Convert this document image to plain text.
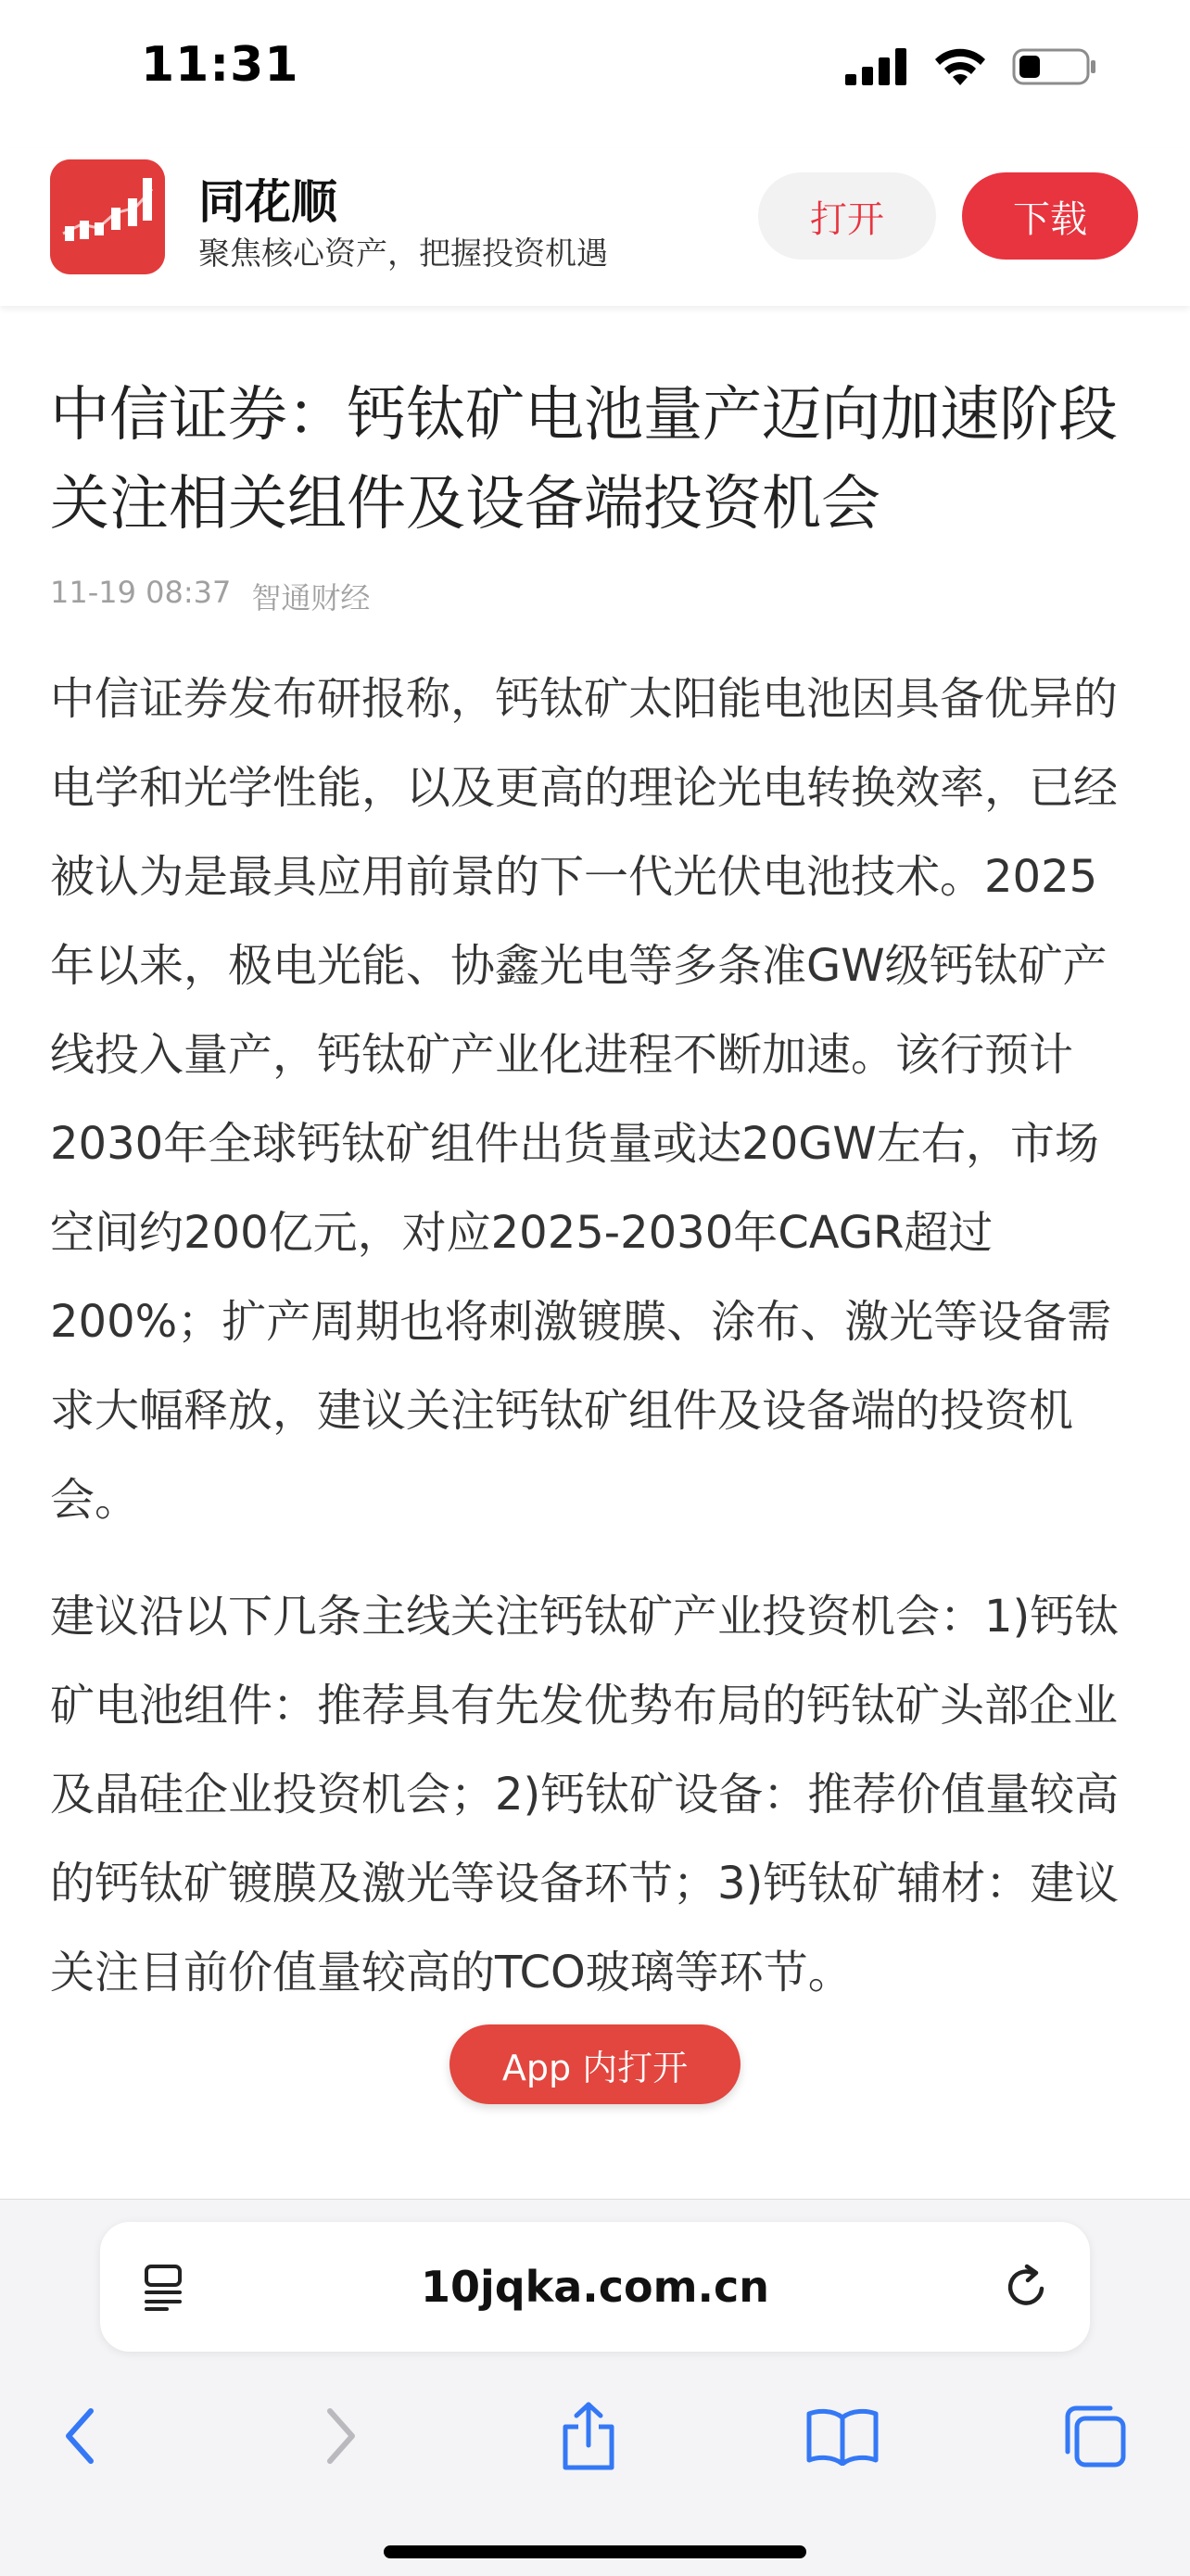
11:31
同花顺
聚焦核心资产，把握投资机遇
打开	下载
中信证券：钙钛矿电池量产迈向加速阶段 关注相关组件及设备端投资机会
11-19 08:37 智通财经

中信证券发布研报称，钙钛矿太阳能电池因具备优异的电学和光学性能，以及更高的理论光电转换效率，已经被认为是最具应用前景的下一代光伏电池技术。2025年以来，极电光能、协鑫光电等多条准GW级钙钛矿产线投入量产，钙钛矿产业化进程不断加速。该行预计2030年全球钙钛矿组件出货量或达20GW左右，市场空间约200亿元，对应2025-2030年CAGR超过200%；扩产周期也将刺激镀膜、涂布、激光等设备需求大幅释放，建议关注钙钛矿组件及设备端的投资机会。

建议沿以下几条主线关注钙钛矿产业投资机会：1)钙钛矿电池组件：推荐具有先发优势布局的钙钛矿头部企业及晶硅企业投资机会；2)钙钛矿设备：推荐价值量较高的钙钛矿镀膜及激光等设备环节；3)钙钛矿辅材：建议关注目前价值量较高的TCO玻璃等环节。

App 内打开
10jqka.com.cn
